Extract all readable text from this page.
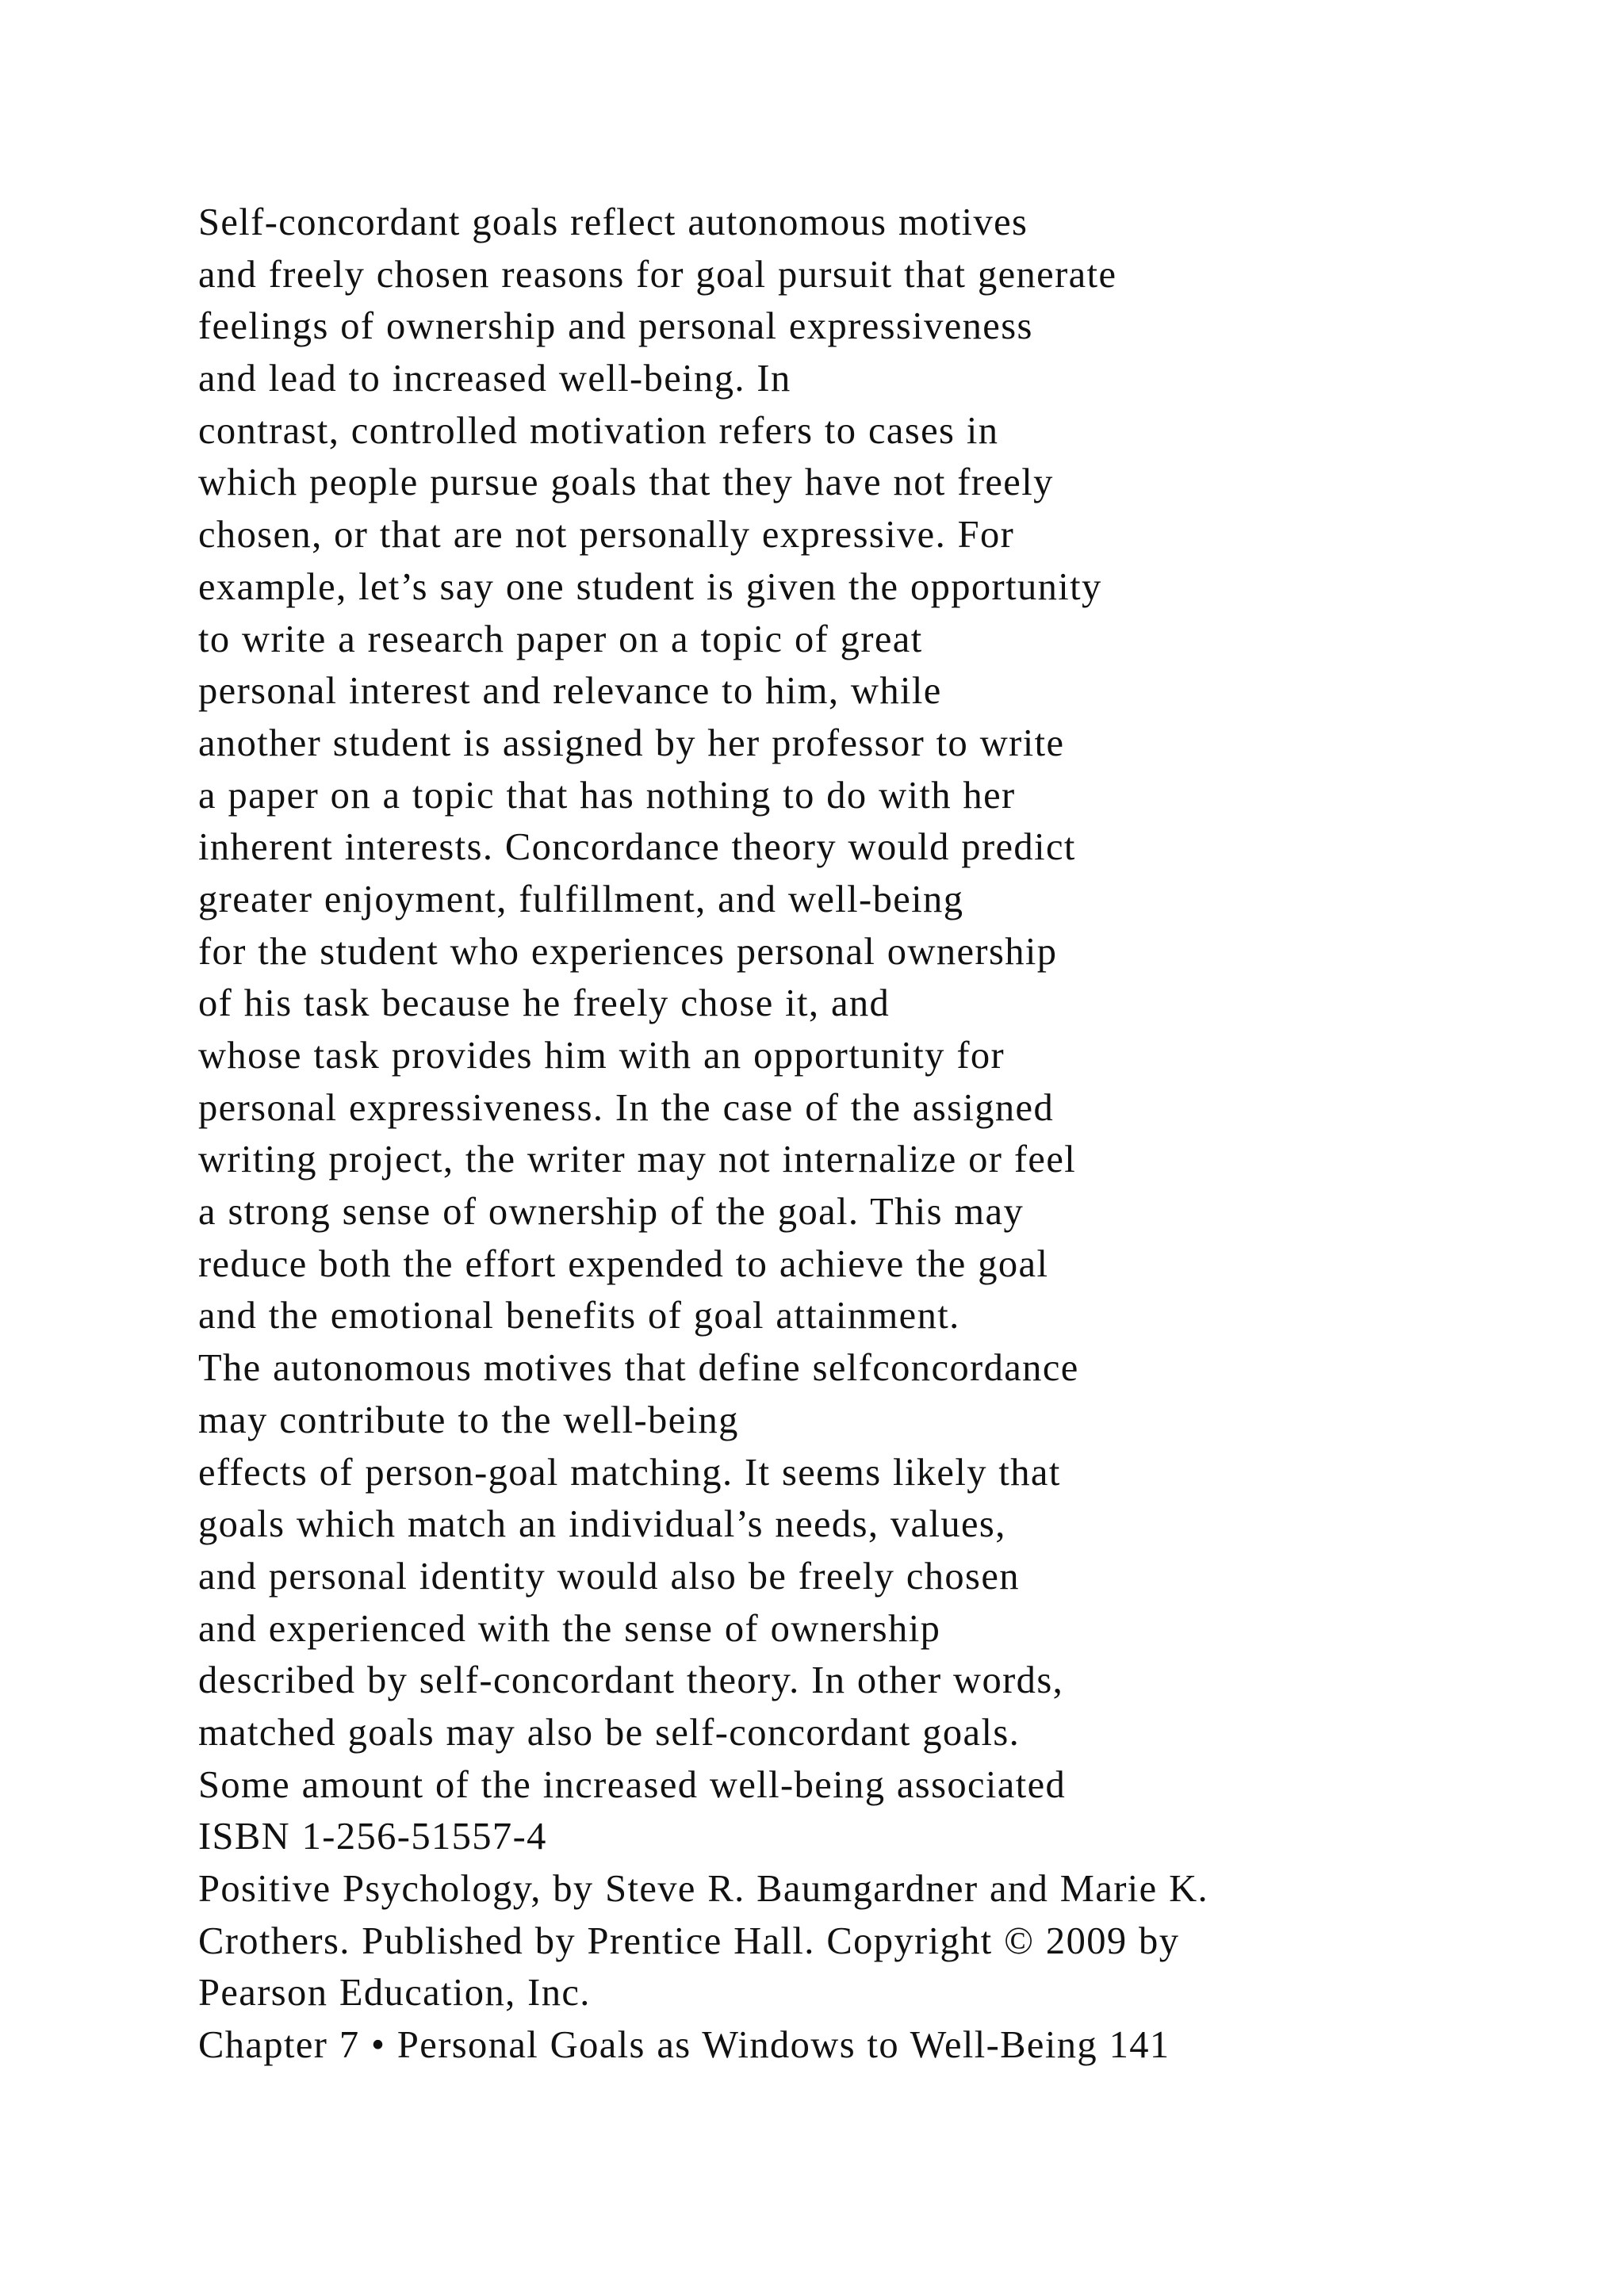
Self-concordant goals reflect autonomous motives
and freely chosen reasons for goal pursuit that generate
feelings of ownership and personal expressiveness
and lead to increased well-being. In
contrast, controlled motivation refers to cases in
which people pursue goals that they have not freely
chosen, or that are not personally expressive. For
example, let’s say one student is given the opportunity
to write a research paper on a topic of great
personal interest and relevance to him, while
another student is assigned by her professor to write
a paper on a topic that has nothing to do with her
inherent interests. Concordance theory would predict
greater enjoyment, fulfillment, and well-being
for the student who experiences personal ownership
of his task because he freely chose it, and
whose task provides him with an opportunity for
personal expressiveness. In the case of the assigned
writing project, the writer may not internalize or feel
a strong sense of ownership of the goal. This may
reduce both the effort expended to achieve the goal
and the emotional benefits of goal attainment.
The autonomous motives that define selfconcordance
may contribute to the well-being
effects of person-goal matching. It seems likely that
goals which match an individual’s needs, values,
and personal identity would also be freely chosen
and experienced with the sense of ownership
described by self-concordant theory. In other words,
matched goals may also be self-concordant goals.
Some amount of the increased well-being associated
ISBN 1-256-51557-4
Positive Psychology, by Steve R. Baumgardner and Marie K.
Crothers. Published by Prentice Hall. Copyright © 2009 by
Pearson Education, Inc.
Chapter 7 • Personal Goals as Windows to Well-Being 141
